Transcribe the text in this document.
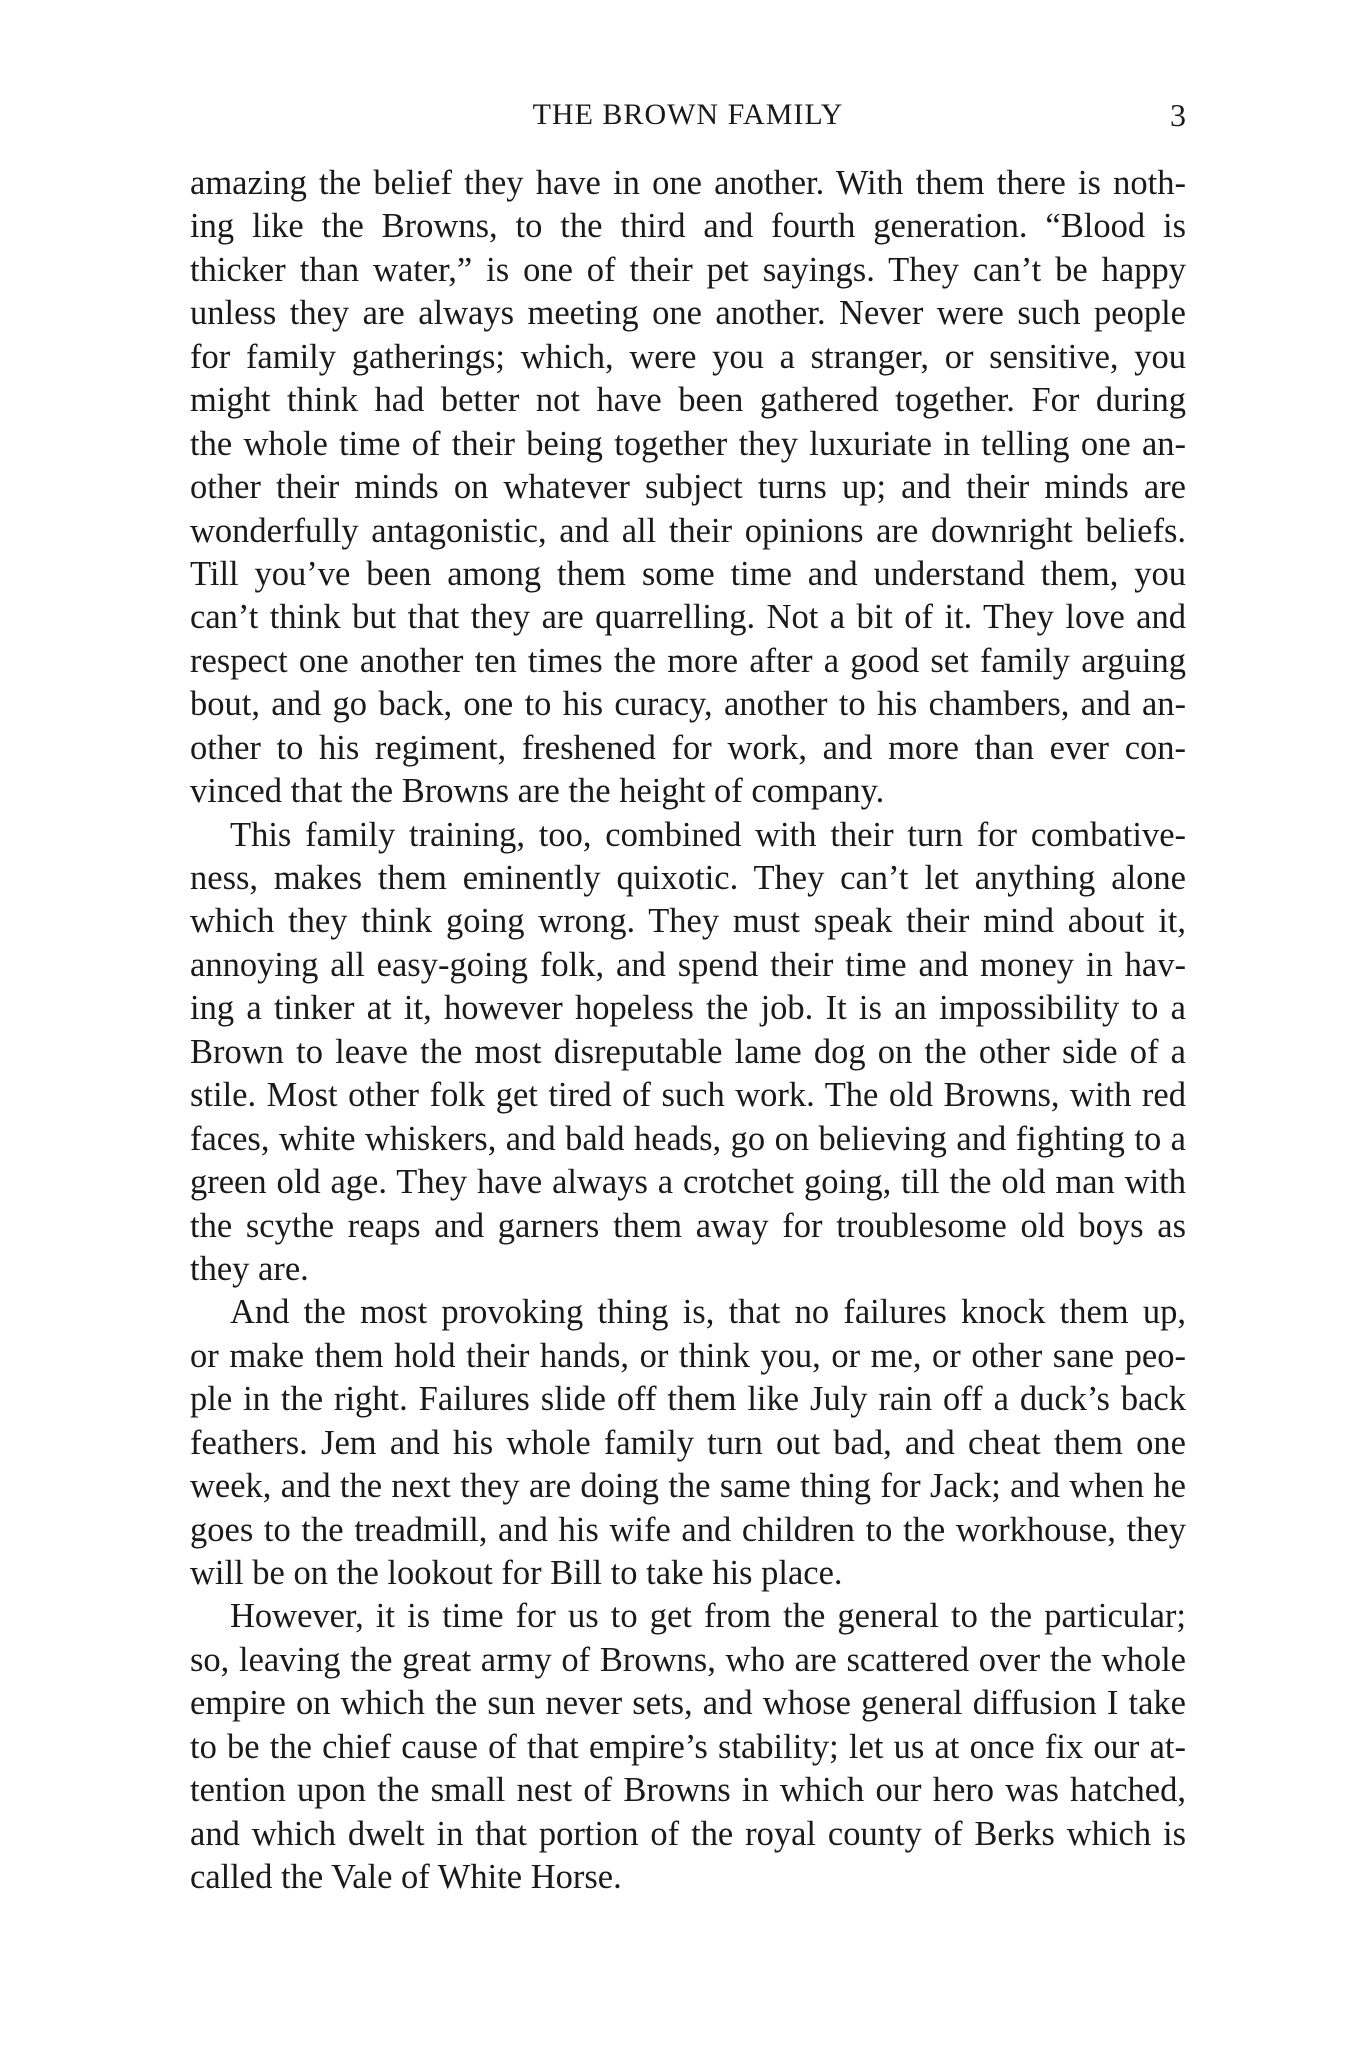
THE BROWN FAMILY	3
amazing the belief they have in one another. With them there is noth-
ing like the Browns, to the third and fourth generation. “Blood is
thicker than water,” is one of their pet sayings. They can’t be happy
unless they are always meeting one another. Never were such people
for family gatherings; which, were you a stranger, or sensitive, you
might think had better not have been gathered together. For during
the whole time of their being together they luxuriate in telling one an-
other their minds on whatever subject turns up; and their minds are
wonderfully antagonistic, and all their opinions are downright beliefs.
Till you’ve been among them some time and understand them, you
can’t think but that they are quarrelling. Not a bit of it. They love and
respect one another ten times the more after a good set family arguing
bout, and go back, one to his curacy, another to his chambers, and an-
other to his regiment, freshened for work, and more than ever con-
vinced that the Browns are the height of company.
This family training, too, combined with their turn for combative-
ness, makes them eminently quixotic. They can’t let anything alone
which they think going wrong. They must speak their mind about it,
annoying all easy-going folk, and spend their time and money in hav-
ing a tinker at it, however hopeless the job. It is an impossibility to a
Brown to leave the most disreputable lame dog on the other side of a
stile. Most other folk get tired of such work. The old Browns, with red
faces, white whiskers, and bald heads, go on believing and fighting to a
green old age. They have always a crotchet going, till the old man with
the scythe reaps and garners them away for troublesome old boys as
they are.
And the most provoking thing is, that no failures knock them up,
or make them hold their hands, or think you, or me, or other sane peo-
ple in the right. Failures slide off them like July rain off a duck’s back
feathers. Jem and his whole family turn out bad, and cheat them one
week, and the next they are doing the same thing for Jack; and when he
goes to the treadmill, and his wife and children to the workhouse, they
will be on the lookout for Bill to take his place.
However, it is time for us to get from the general to the particular;
so, leaving the great army of Browns, who are scattered over the whole
empire on which the sun never sets, and whose general diffusion I take
to be the chief cause of that empire’s stability; let us at once fix our at-
tention upon the small nest of Browns in which our hero was hatched,
and which dwelt in that portion of the royal county of Berks which is
called the Vale of White Horse.
